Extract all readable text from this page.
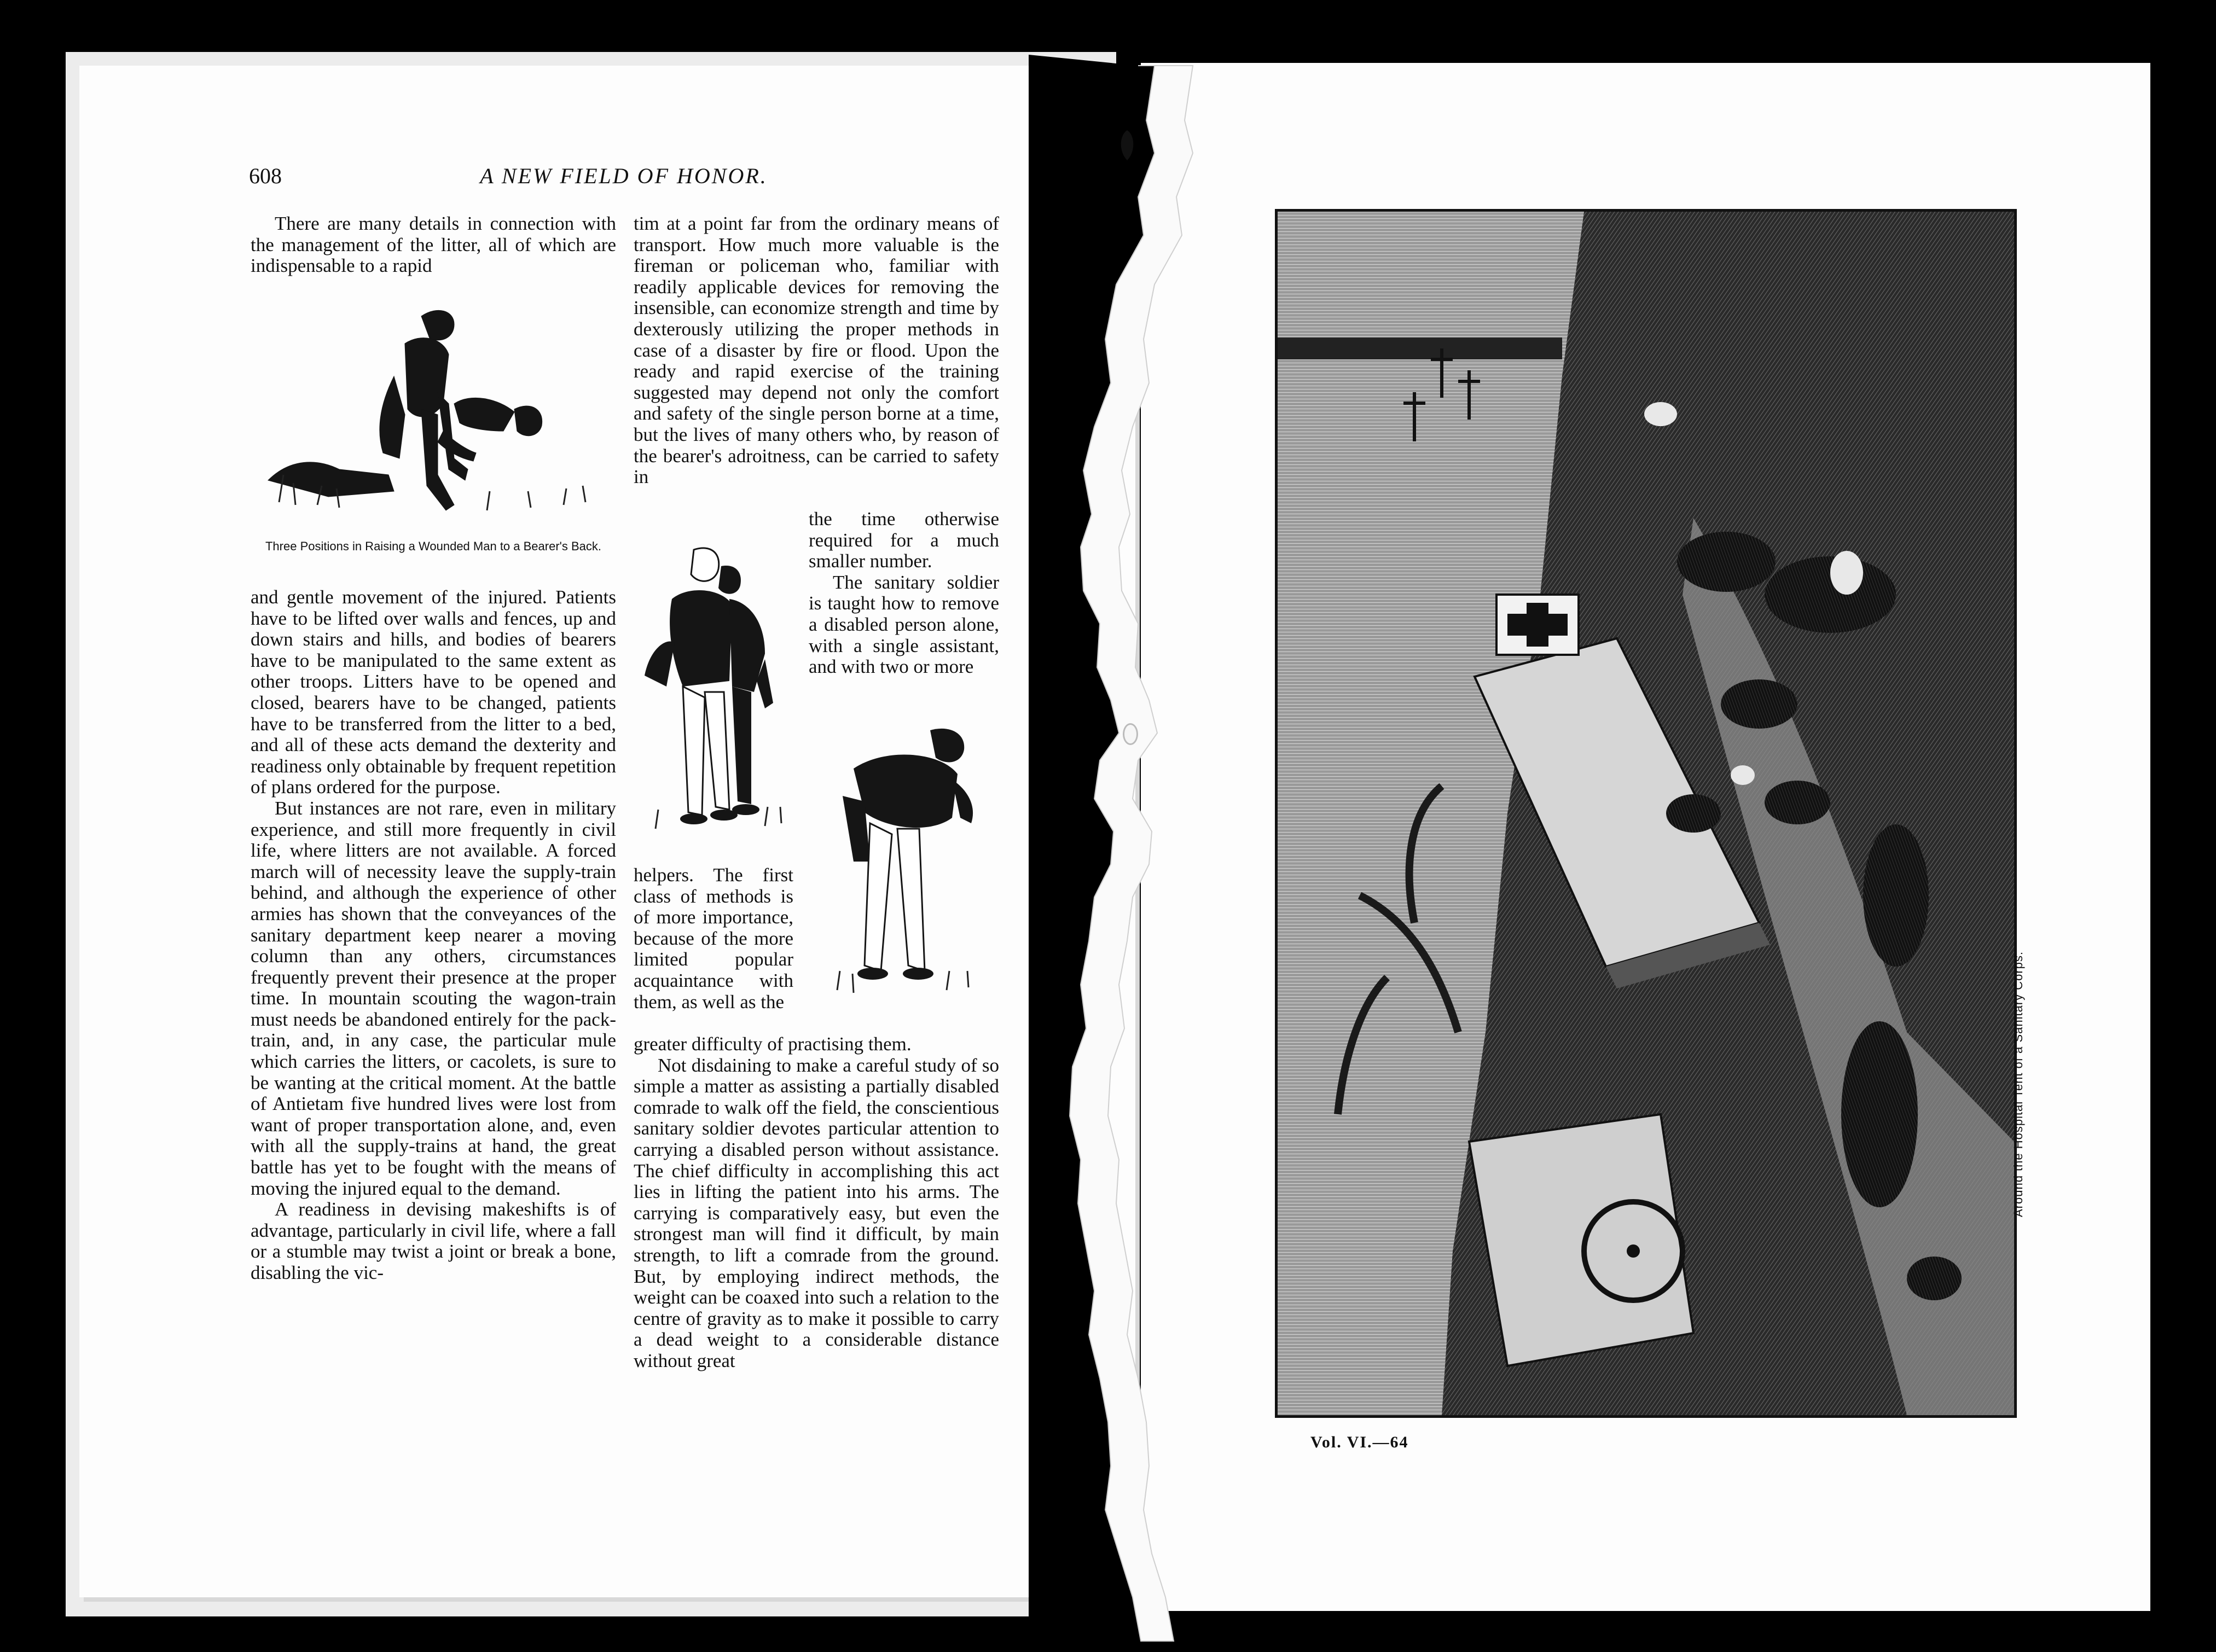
608	A NEW FIELD OF HONOR.

There are many details in connection with the management of the litter, all of which are indispensable to a rapid

Three Positions in Raising a Wounded Man to a Bearer's Back.

and gentle movement of the injured. Patients have to be lifted over walls and fences, up and down stairs and hills, and bodies of bearers have to be manipulated to the same extent as other troops. Litters have to be opened and closed, bearers have to be changed, patients have to be transferred from the litter to a bed, and all of these acts demand the dexterity and readiness only obtainable by frequent repetition of plans ordered for the purpose.

But instances are not rare, even in military experience, and still more frequently in civil life, where litters are not available. A forced march will of necessity leave the supply-train behind, and although the experience of other armies has shown that the conveyances of the sanitary department keep nearer a moving column than any others, circumstances frequently prevent their presence at the proper time. In mountain scouting the wagon-train must needs be abandoned entirely for the pack-train, and, in any case, the particular mule which carries the litters, or cacolets, is sure to be wanting at the critical moment. At the battle of Antietam five hundred lives were lost from want of proper transportation alone, and, even with all the supply-trains at hand, the great battle has yet to be fought with the means of moving the injured equal to the demand.

A readiness in devising makeshifts is of advantage, particularly in civil life, where a fall or a stumble may twist a joint or break a bone, disabling the vic-

tim at a point far from the ordinary means of transport. How much more valuable is the fireman or policeman who, familiar with readily applicable devices for removing the insensible, can economize strength and time by dexterously utilizing the proper methods in case of a disaster by fire or flood. Upon the ready and rapid exercise of the training suggested may depend not only the comfort and safety of the single person borne at a time, but the lives of many others who, by reason of the bearer's adroitness, can be carried to safety in

the time otherwise required for a much smaller number.

The sanitary soldier is taught how to remove a disabled person alone, with a single assistant, and with two or more

helpers. The first class of methods is of more importance, because of the more limited popular acquaintance with them, as well as the

greater difficulty of practising them.

Not disdaining to make a careful study of so simple a matter as assisting a partially disabled comrade to walk off the field, the conscientious sanitary soldier devotes particular attention to carrying a disabled person without assistance. The chief difficulty in accomplishing this act lies in lifting the patient into his arms. The carrying is comparatively easy, but even the strongest man will find it difficult, by main strength, to lift a comrade from the ground. But, by employing indirect methods, the weight can be coaxed into such a relation to the centre of gravity as to make it possible to carry a dead weight to a considerable distance without great

Around the Hospital Tent of a Sanitary Corps.
Vol. VI.—64
